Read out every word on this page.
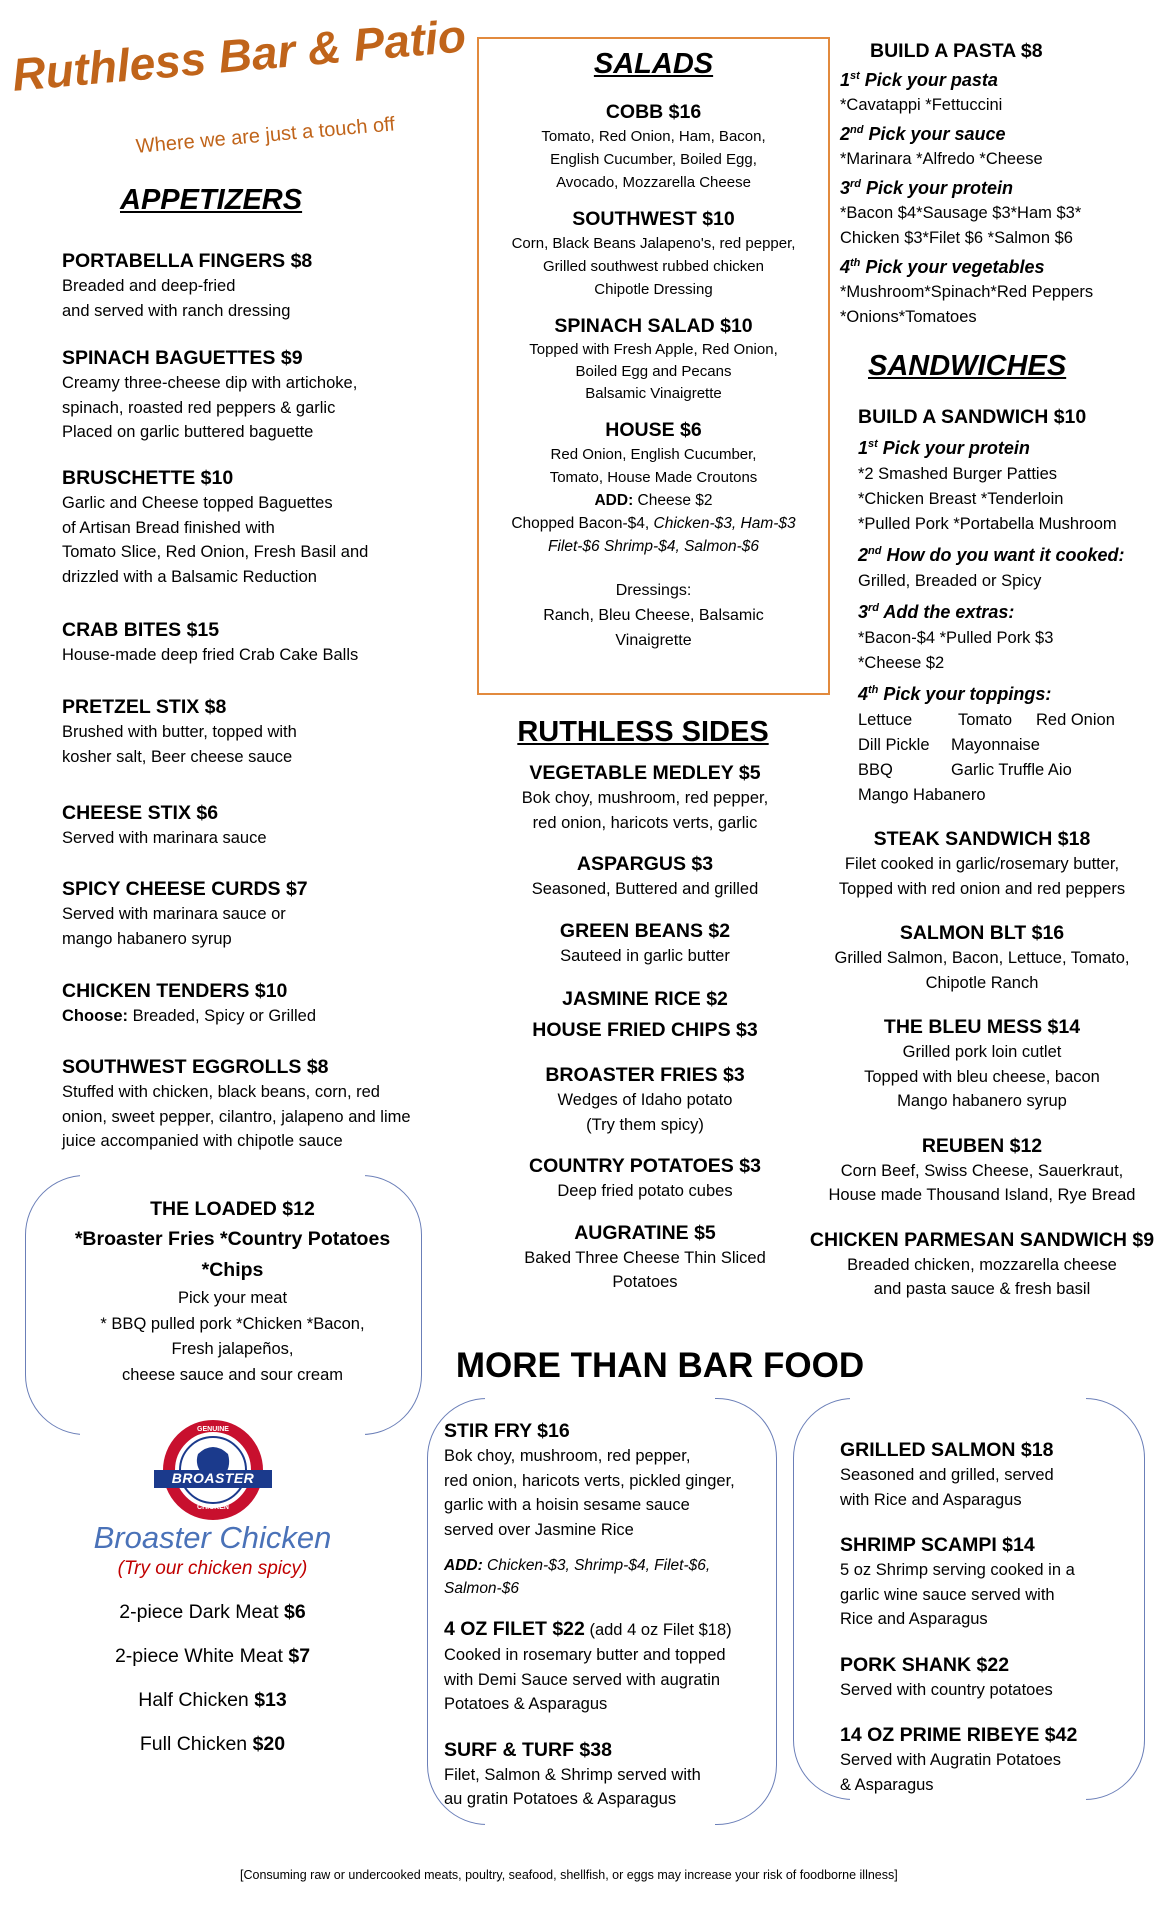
Ruthless Bar & Patio
Where we are just a touch off
APPETIZERS
PORTABELLA FINGERS $8
Breaded and deep-fried
and served with ranch dressing
SPINACH BAGUETTES $9
Creamy three-cheese dip with artichoke,
spinach, roasted red peppers & garlic
Placed on garlic buttered baguette
BRUSCHETTE $10
Garlic and Cheese topped Baguettes
of Artisan Bread finished with
Tomato Slice, Red Onion, Fresh Basil and
drizzled with a Balsamic Reduction
CRAB BITES $15
House-made deep fried Crab Cake Balls
PRETZEL STIX $8
Brushed with butter, topped with
kosher salt, Beer cheese sauce
CHEESE STIX $6
Served with marinara sauce
SPICY CHEESE CURDS $7
Served with marinara sauce or
mango habanero syrup
CHICKEN TENDERS $10
Choose: Breaded, Spicy or Grilled
SOUTHWEST EGGROLLS $8
Stuffed with chicken, black beans, corn, red
onion, sweet pepper, cilantro, jalapeno and lime
juice accompanied with chipotle sauce
THE LOADED $12
*Broaster Fries *Country Potatoes
*Chips
Pick your meat
* BBQ pulled pork *Chicken *Bacon,
Fresh jalapeños,
cheese sauce and sour cream
BROASTER
GENUINE
CHICKEN
Broaster Chicken
(Try our chicken spicy)
2-piece Dark Meat $6
2-piece White Meat $7
Half Chicken $13
Full Chicken $20
SALADS
COBB $16
Tomato, Red Onion, Ham, Bacon,
English Cucumber, Boiled Egg,
Avocado, Mozzarella Cheese
SOUTHWEST $10
Corn, Black Beans Jalapeno's, red pepper,
Grilled southwest rubbed chicken
Chipotle Dressing
SPINACH SALAD $10
Topped with Fresh Apple, Red Onion,
Boiled Egg and Pecans
Balsamic Vinaigrette
HOUSE $6
Red Onion, English Cucumber,
Tomato, House Made Croutons
ADD: Cheese $2
Chopped Bacon-$4, Chicken-$3, Ham-$3
Filet-$6 Shrimp-$4, Salmon-$6
Dressings:
Ranch, Bleu Cheese, Balsamic
Vinaigrette
RUTHLESS SIDES
VEGETABLE MEDLEY $5
Bok choy, mushroom, red pepper,
red onion, haricots verts, garlic
ASPARGUS $3
Seasoned, Buttered and grilled
GREEN BEANS $2
Sauteed in garlic butter
JASMINE RICE $2
HOUSE FRIED CHIPS $3
BROASTER FRIES $3
Wedges of Idaho potato
(Try them spicy)
COUNTRY POTATOES $3
Deep fried potato cubes
AUGRATINE $5
Baked Three Cheese Thin Sliced
Potatoes
BUILD A PASTA $8
1st Pick your pasta
*Cavatappi *Fettuccini
2nd Pick your sauce
*Marinara *Alfredo *Cheese
3rd Pick your protein
*Bacon $4*Sausage $3*Ham $3*
Chicken $3*Filet $6 *Salmon $6
4th Pick your vegetables
*Mushroom*Spinach*Red Peppers
*Onions*Tomatoes
SANDWICHES
BUILD A SANDWICH $10
1st Pick your protein
*2 Smashed Burger Patties
*Chicken Breast *Tenderloin
*Pulled Pork *Portabella Mushroom
2nd How do you want it cooked:
Grilled, Breaded or Spicy
3rd Add the extras:
*Bacon-$4 *Pulled Pork $3
*Cheese $2
4th Pick your toppings:
Lettuce	Tomato Red Onion
Dill Pickle Mayonnaise
BBQ	Garlic Truffle Aio
Mango Habanero
STEAK SANDWICH $18
Filet cooked in garlic/rosemary butter,
Topped with red onion and red peppers
SALMON BLT $16
Grilled Salmon, Bacon, Lettuce, Tomato,
Chipotle Ranch
THE BLEU MESS $14
Grilled pork loin cutlet
Topped with bleu cheese, bacon
Mango habanero syrup
REUBEN $12
Corn Beef, Swiss Cheese, Sauerkraut,
House made Thousand Island, Rye Bread
CHICKEN PARMESAN SANDWICH $9
Breaded chicken, mozzarella cheese
and pasta sauce & fresh basil
MORE THAN BAR FOOD
STIR FRY $16
Bok choy, mushroom, red pepper,
red onion, haricots verts, pickled ginger,
garlic with a hoisin sesame sauce
served over Jasmine Rice
ADD: Chicken-$3, Shrimp-$4, Filet-$6,
Salmon-$6
4 OZ FILET $22 (add 4 oz Filet $18)
Cooked in rosemary butter and topped
with Demi Sauce served with augratin
Potatoes & Asparagus
SURF & TURF $38
Filet, Salmon & Shrimp served with
au gratin Potatoes & Asparagus
GRILLED SALMON $18
Seasoned and grilled, served
with Rice and Asparagus
SHRIMP SCAMPI $14
5 oz Shrimp serving cooked in a
garlic wine sauce served with
Rice and Asparagus
PORK SHANK $22
Served with country potatoes
14 OZ PRIME RIBEYE $42
Served with Augratin Potatoes
& Asparagus
[Consuming raw or undercooked meats, poultry, seafood, shellfish, or eggs may increase your risk of foodborne illness]
